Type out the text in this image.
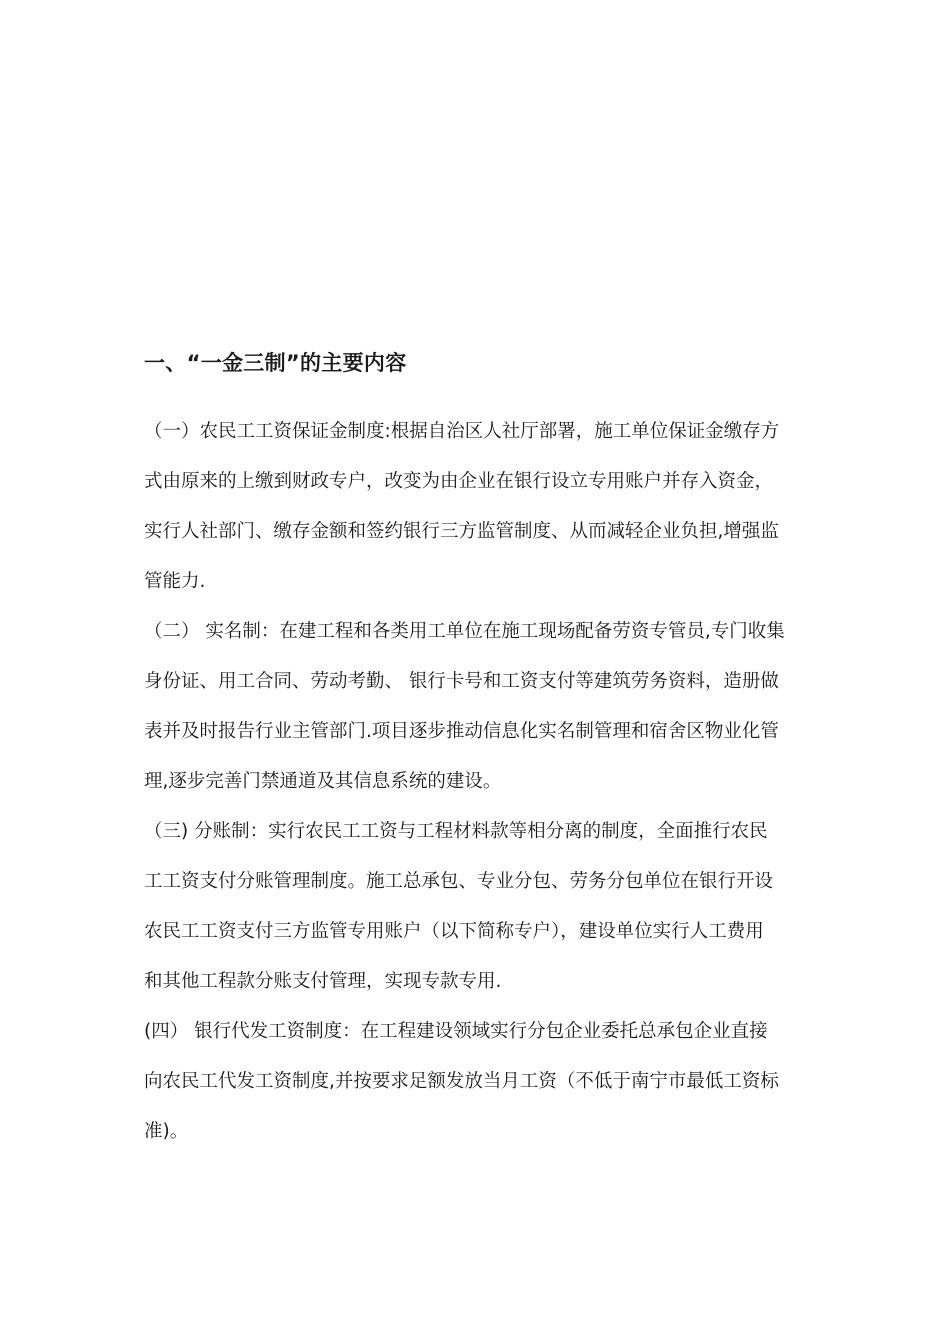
一、“一金三制”的主要内容

（一）农民工工资保证金制度:根据自治区人社厅部署，施工单位保证金缴存方
式由原来的上缴到财政专户，改变为由企业在银行设立专用账户并存入资金，
实行人社部门、缴存金额和签约银行三方监管制度、从而减轻企业负担,增强监
管能力.

（二） 实名制：在建工程和各类用工单位在施工现场配备劳资专管员,专门收集
身份证、用工合同、劳动考勤、 银行卡号和工资支付等建筑劳务资料，造册做
表并及时报告行业主管部门.项目逐步推动信息化实名制管理和宿舍区物业化管
理,逐步完善门禁通道及其信息系统的建设。

（三) 分账制：实行农民工工资与工程材料款等相分离的制度，全面推行农民
工工资支付分账管理制度。施工总承包、专业分包、劳务分包单位在银行开设
农民工工资支付三方监管专用账户（以下简称专户），建设单位实行人工费用
和其他工程款分账支付管理，实现专款专用.

(四） 银行代发工资制度：在工程建设领域实行分包企业委托总承包企业直接
向农民工代发工资制度,并按要求足额发放当月工资（不低于南宁市最低工资标
准)。
